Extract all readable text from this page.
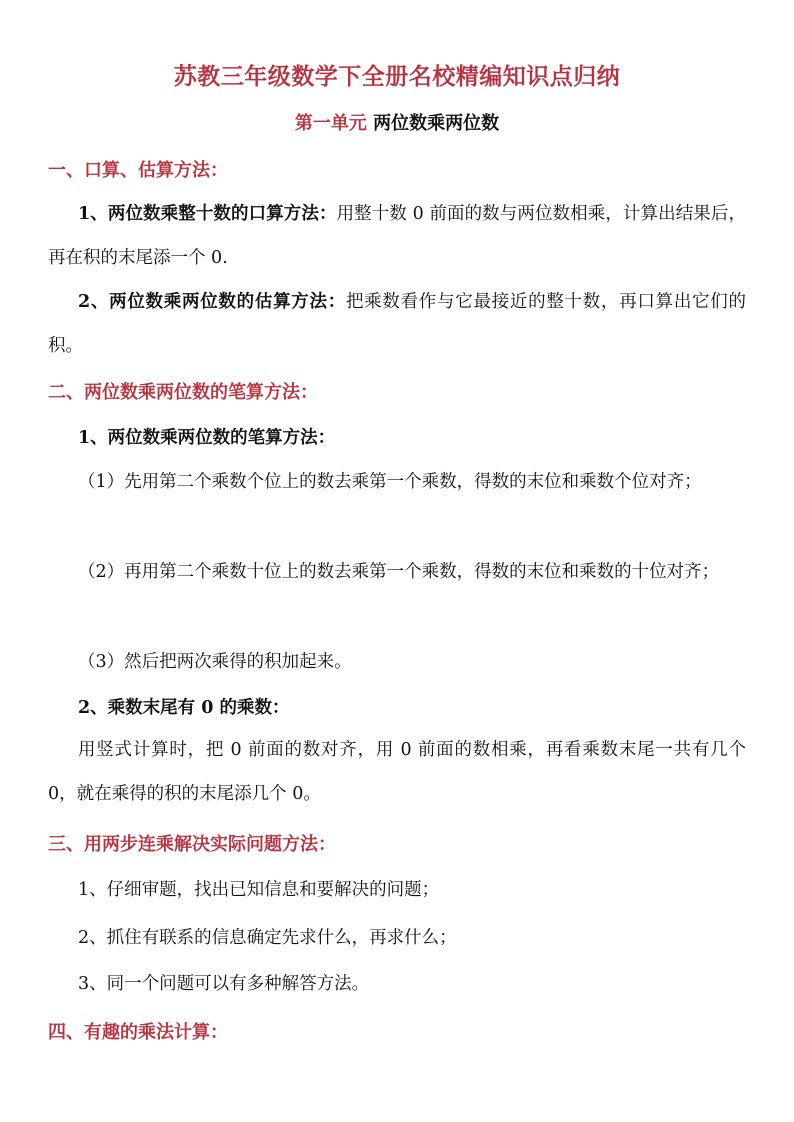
苏教三年级数学下全册名校精编知识点归纳
第一单元 两位数乘两位数
一、口算、估算方法：
1、两位数乘整十数的口算方法：用整十数 0 前面的数与两位数相乘，计算出结果后，再在积的末尾添一个 0.
2、两位数乘两位数的估算方法：把乘数看作与它最接近的整十数，再口算出它们的积。
二、两位数乘两位数的笔算方法：
1、两位数乘两位数的笔算方法：
（1）先用第二个乘数个位上的数去乘第一个乘数，得数的末位和乘数个位对齐；
（2）再用第二个乘数十位上的数去乘第一个乘数，得数的末位和乘数的十位对齐；
（3）然后把两次乘得的积加起来。
2、乘数末尾有 0 的乘数：
用竖式计算时，把 0 前面的数对齐，用 0 前面的数相乘，再看乘数末尾一共有几个 0，就在乘得的积的末尾添几个 0。
三、用两步连乘解决实际问题方法：
1、仔细审题，找出已知信息和要解决的问题；
2、抓住有联系的信息确定先求什么，再求什么；
3、同一个问题可以有多种解答方法。
四、有趣的乘法计算：
